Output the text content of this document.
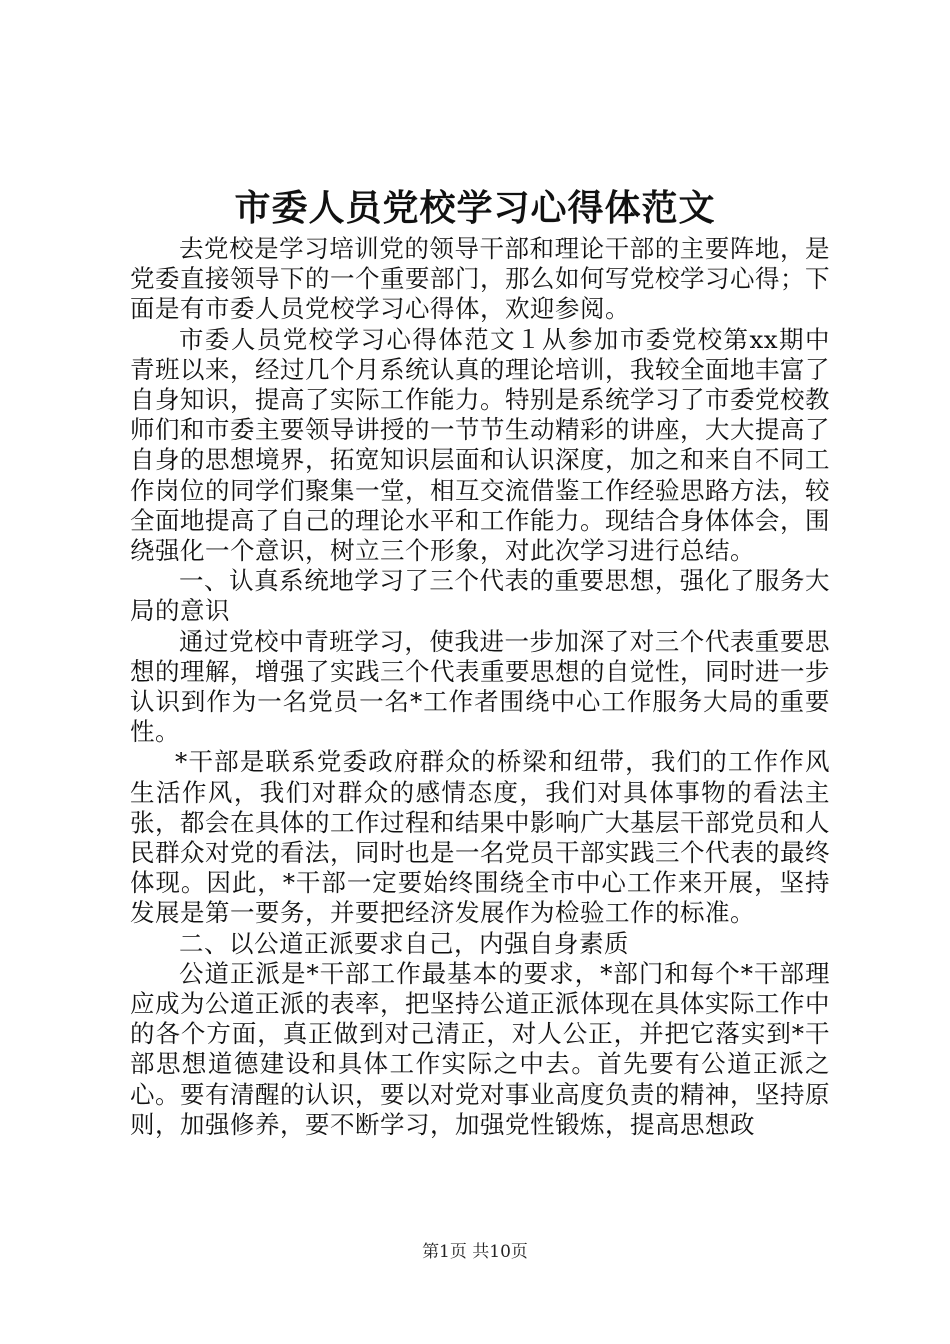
市委人员党校学习心得体范文

去党校是学习培训党的领导干部和理论干部的主要阵地，是党委直接领导下的一个重要部门，那么如何写党校学习心得；下面是有市委人员党校学习心得体，欢迎参阅。

市委人员党校学习心得体范文１从参加市委党校第xx期中青班以来，经过几个月系统认真的理论培训，我较全面地丰富了自身知识，提高了实际工作能力。特别是系统学习了市委党校教师们和市委主要领导讲授的一节节生动精彩的讲座，大大提高了自身的思想境界，拓宽知识层面和认识深度，加之和来自不同工作岗位的同学们聚集一堂，相互交流借鉴工作经验思路方法，较全面地提高了自己的理论水平和工作能力。现结合身体体会，围绕强化一个意识，树立三个形象，对此次学习进行总结。

一、认真系统地学习了三个代表的重要思想，强化了服务大局的意识

通过党校中青班学习，使我进一步加深了对三个代表重要思想的理解，增强了实践三个代表重要思想的自觉性，同时进一步认识到作为一名党员一名*工作者围绕中心工作服务大局的重要性。

*干部是联系党委政府群众的桥梁和纽带，我们的工作作风生活作风，我们对群众的感情态度，我们对具体事物的看法主张，都会在具体的工作过程和结果中影响广大基层干部党员和人民群众对党的看法，同时也是一名党员干部实践三个代表的最终体现。因此，*干部一定要始终围绕全市中心工作来开展，坚持发展是第一要务，并要把经济发展作为检验工作的标准。

二、以公道正派要求自己，内强自身素质

公道正派是*干部工作最基本的要求，*部门和每个*干部理应成为公道正派的表率，把坚持公道正派体现在具体实际工作中的各个方面，真正做到对己清正，对人公正，并把它落实到*干部思想道德建设和具体工作实际之中去。首先要有公道正派之心。要有清醒的认识，要以对党对事业高度负责的精神，坚持原则，加强修养，要不断学习，加强党性锻炼，提高思想政

第1页 共10页
